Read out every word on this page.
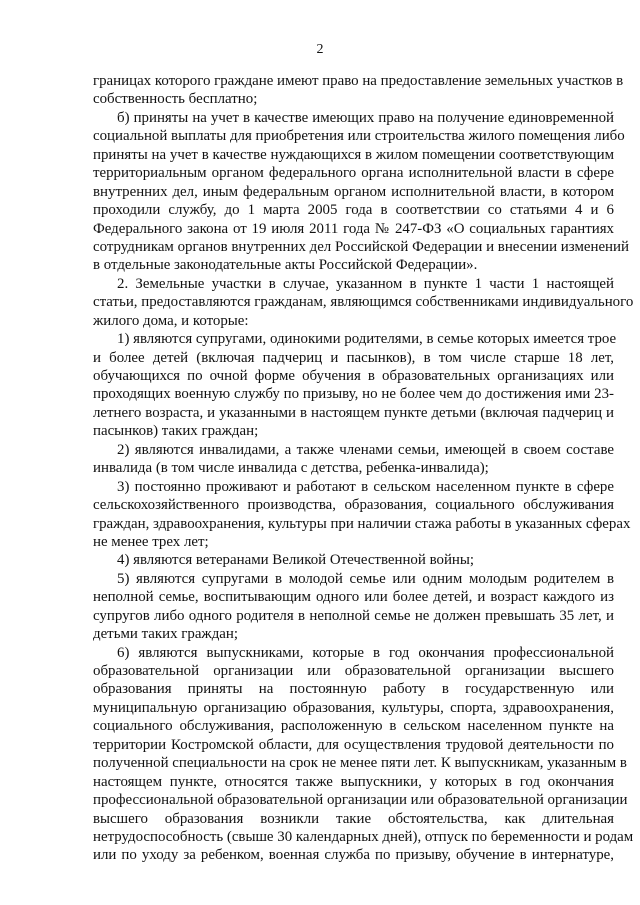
2
границах которого граждане имеют право на предоставление земельных участков в
собственность бесплатно;
б) приняты на учет в качестве имеющих право на получение единовременной
социальной выплаты для приобретения или строительства жилого помещения либо
приняты на учет в качестве нуждающихся в жилом помещении соответствующим
территориальным органом федерального органа исполнительной власти в сфере
внутренних дел, иным федеральным органом исполнительной власти, в котором
проходили службу, до 1 марта 2005 года в соответствии со статьями 4 и 6
Федерального закона от 19 июля 2011 года № 247-ФЗ «О социальных гарантиях
сотрудникам органов внутренних дел Российской Федерации и внесении изменений
в отдельные законодательные акты Российской Федерации».
2. Земельные участки в случае, указанном в пункте 1 части 1 настоящей
статьи, предоставляются гражданам, являющимся собственниками индивидуального
жилого дома, и которые:
1) являются супругами, одинокими родителями, в семье которых имеется трое
и более детей (включая падчериц и пасынков), в том числе старше 18 лет,
обучающихся по очной форме обучения в образовательных организациях или
проходящих военную службу по призыву, но не более чем до достижения ими 23-
летнего возраста, и указанными в настоящем пункте детьми (включая падчериц и
пасынков) таких граждан;
2) являются инвалидами, а также членами семьи, имеющей в своем составе
инвалида (в том числе инвалида с детства, ребенка-инвалида);
3) постоянно проживают и работают в сельском населенном пункте в сфере
сельскохозяйственного производства, образования, социального обслуживания
граждан, здравоохранения, культуры при наличии стажа работы в указанных сферах
не менее трех лет;
4) являются ветеранами Великой Отечественной войны;
5) являются супругами в молодой семье или одним молодым родителем в
неполной семье, воспитывающим одного или более детей, и возраст каждого из
супругов либо одного родителя в неполной семье не должен превышать 35 лет, и
детьми таких граждан;
6) являются выпускниками, которые в год окончания профессиональной
образовательной организации или образовательной организации высшего
образования приняты на постоянную работу в государственную или
муниципальную организацию образования, культуры, спорта, здравоохранения,
социального обслуживания, расположенную в сельском населенном пункте на
территории Костромской области, для осуществления трудовой деятельности по
полученной специальности на срок не менее пяти лет. К выпускникам, указанным в
настоящем пункте, относятся также выпускники, у которых в год окончания
профессиональной образовательной организации или образовательной организации
высшего образования возникли такие обстоятельства, как длительная
нетрудоспособность (свыше 30 календарных дней), отпуск по беременности и родам
или по уходу за ребенком, военная служба по призыву, обучение в интернатуре,
